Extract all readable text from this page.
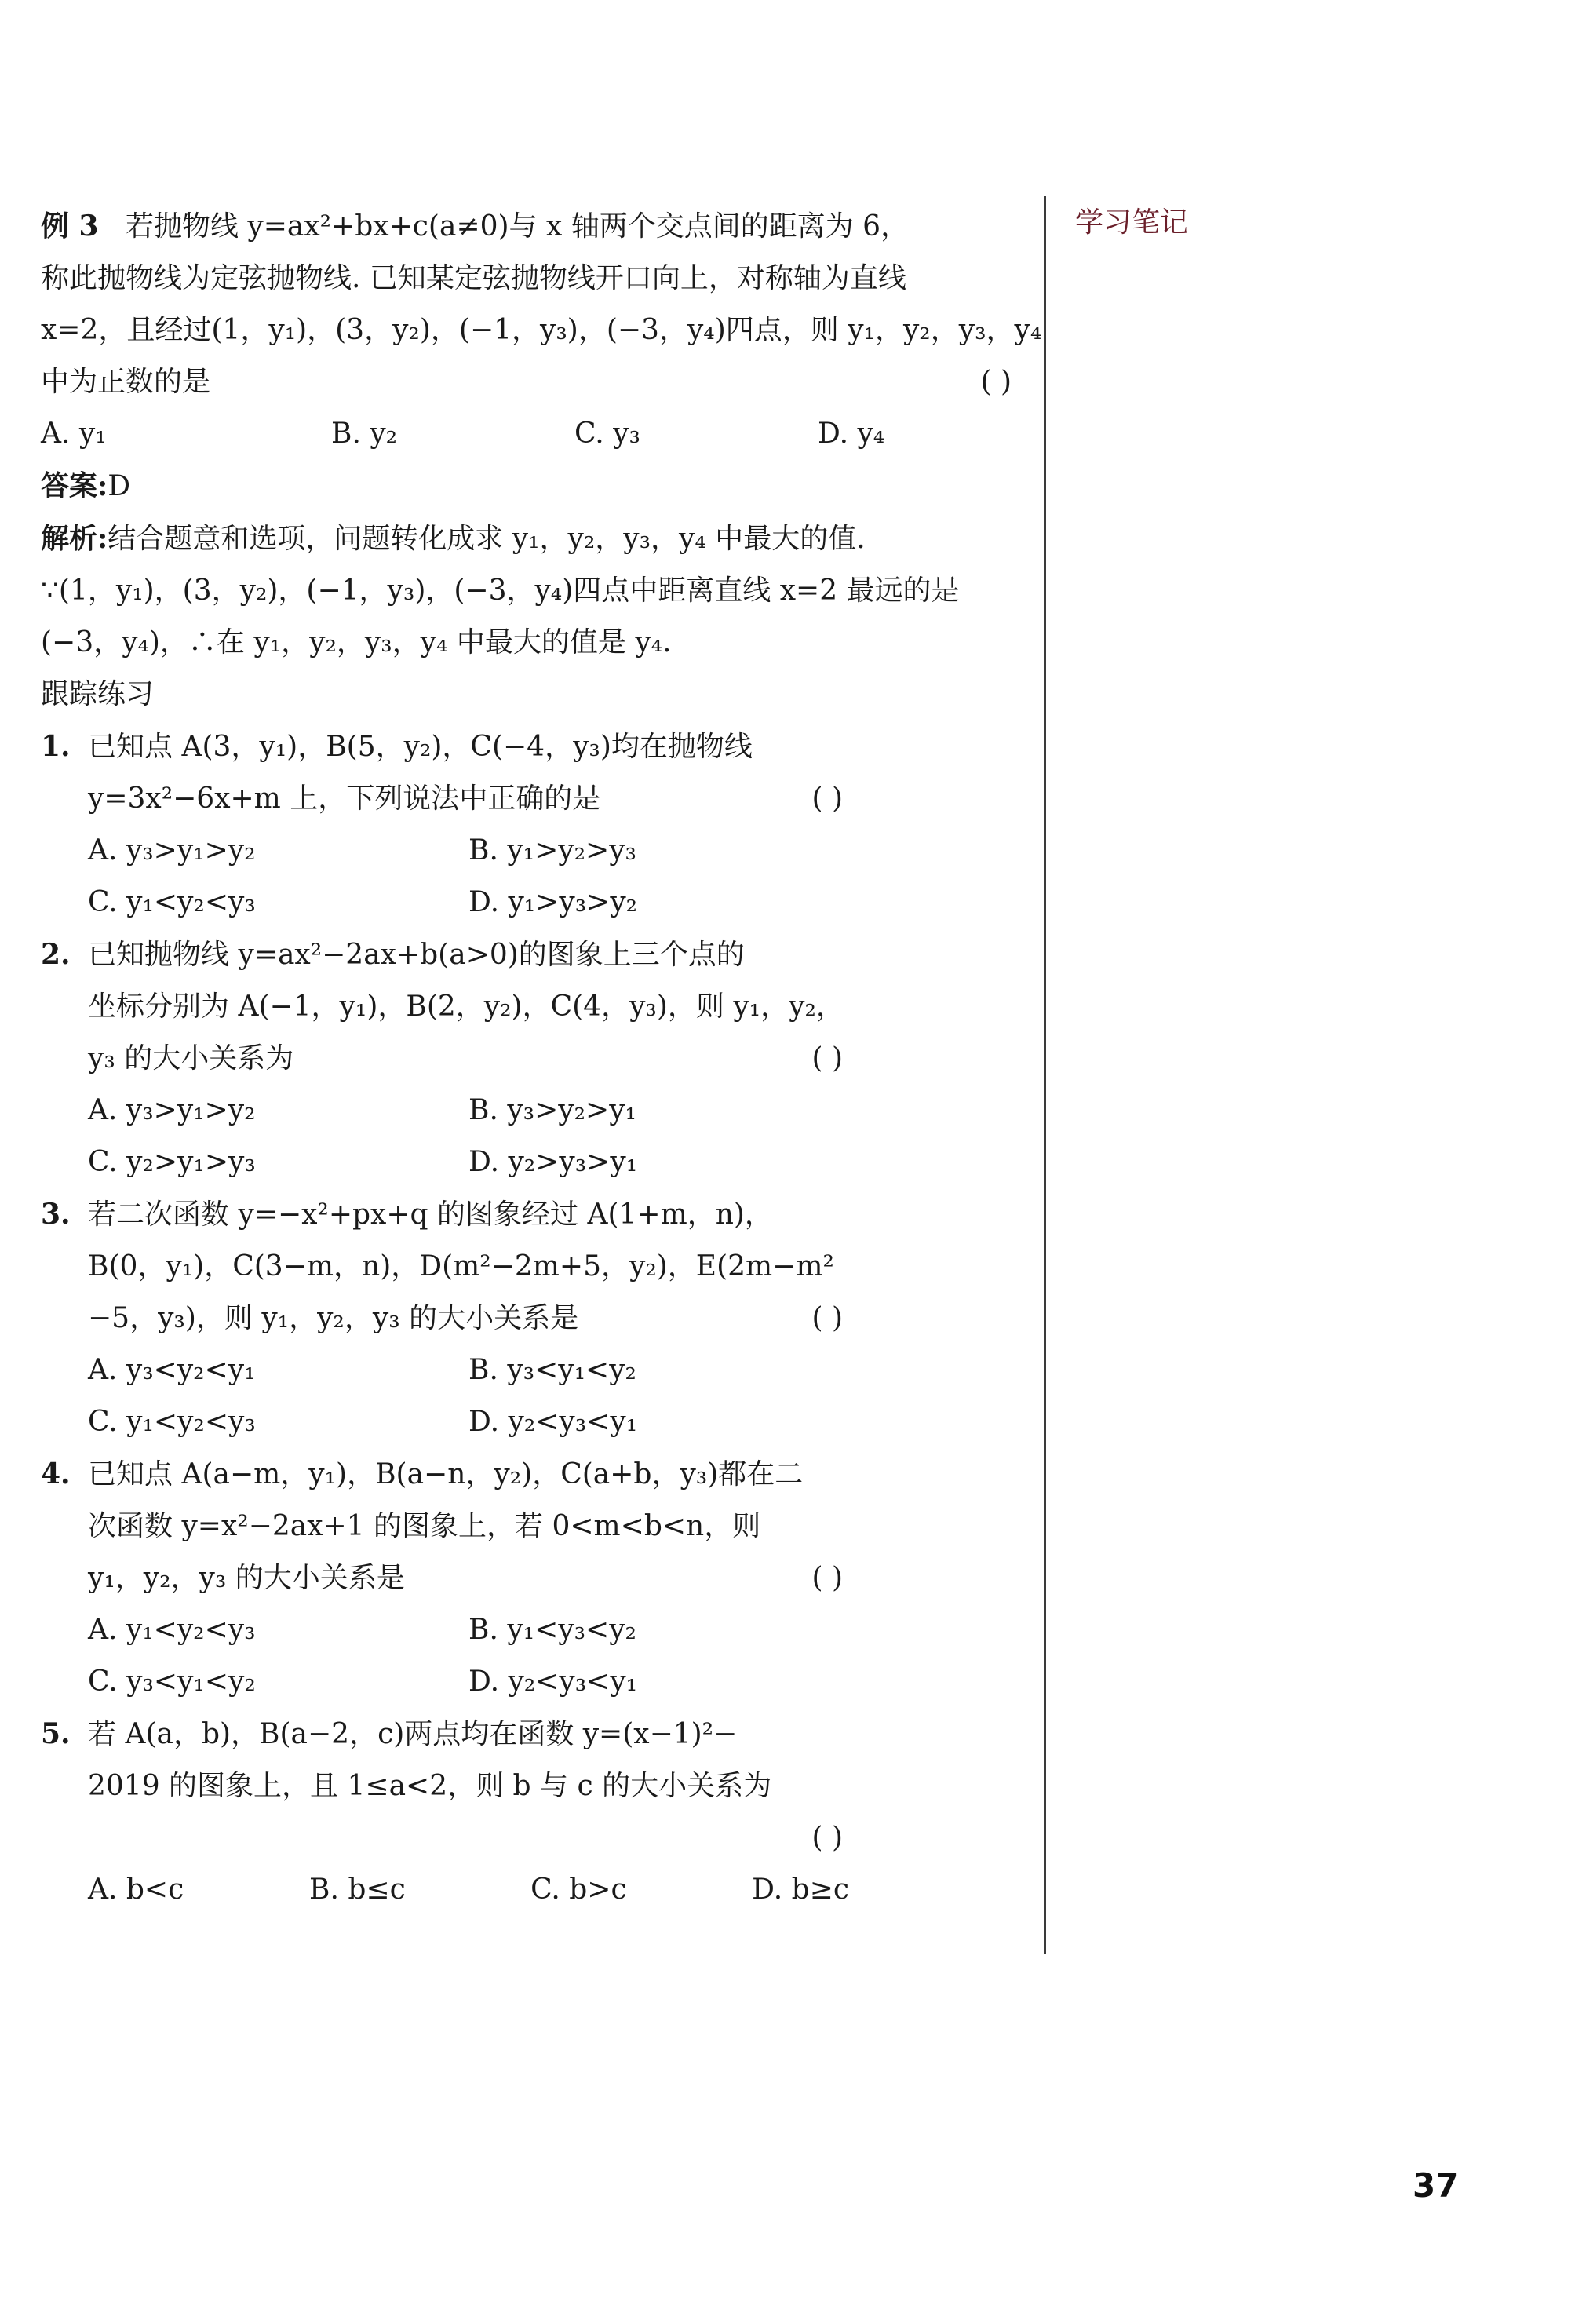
学习笔记
例 3 若抛物线 y=ax²+bx+c(a≠0)与 x 轴两个交点间的距离为 6，
称此抛物线为定弦抛物线. 已知某定弦抛物线开口向上，对称轴为直线
x=2，且经过(1，y₁)，(3，y₂)，(−1，y₃)，(−3，y₄)四点，则 y₁，y₂，y₃，y₄
中为正数的是	( )
A. y₁	B. y₂	C. y₃	D. y₄
答案:D
解析:结合题意和选项，问题转化成求 y₁，y₂，y₃，y₄ 中最大的值.
∵(1，y₁)，(3，y₂)，(−1，y₃)，(−3，y₄)四点中距离直线 x=2 最远的是
(−3，y₄)，∴在 y₁，y₂，y₃，y₄ 中最大的值是 y₄.
跟踪练习
1. 已知点 A(3，y₁)，B(5，y₂)，C(−4，y₃)均在抛物线
y=3x²−6x+m 上，下列说法中正确的是	( )
A. y₃>y₁>y₂	B. y₁>y₂>y₃
C. y₁<y₂<y₃	D. y₁>y₃>y₂
2. 已知抛物线 y=ax²−2ax+b(a>0)的图象上三个点的
坐标分别为 A(−1，y₁)，B(2，y₂)，C(4，y₃)，则 y₁，y₂，
y₃ 的大小关系为	( )
A. y₃>y₁>y₂	B. y₃>y₂>y₁
C. y₂>y₁>y₃	D. y₂>y₃>y₁
3. 若二次函数 y=−x²+px+q 的图象经过 A(1+m，n)，
B(0，y₁)，C(3−m，n)，D(m²−2m+5，y₂)，E(2m−m²
−5，y₃)，则 y₁，y₂，y₃ 的大小关系是	( )
A. y₃<y₂<y₁	B. y₃<y₁<y₂
C. y₁<y₂<y₃	D. y₂<y₃<y₁
4. 已知点 A(a−m，y₁)，B(a−n，y₂)，C(a+b，y₃)都在二
次函数 y=x²−2ax+1 的图象上，若 0<m<b<n，则
y₁，y₂，y₃ 的大小关系是	( )
A. y₁<y₂<y₃	B. y₁<y₃<y₂
C. y₃<y₁<y₂	D. y₂<y₃<y₁
5. 若 A(a，b)，B(a−2，c)两点均在函数 y=(x−1)²−
2019 的图象上，且 1≤a<2，则 b 与 c 的大小关系为
( )

A. b<c	B. b≤c	C. b>c	D. b≥c
37
